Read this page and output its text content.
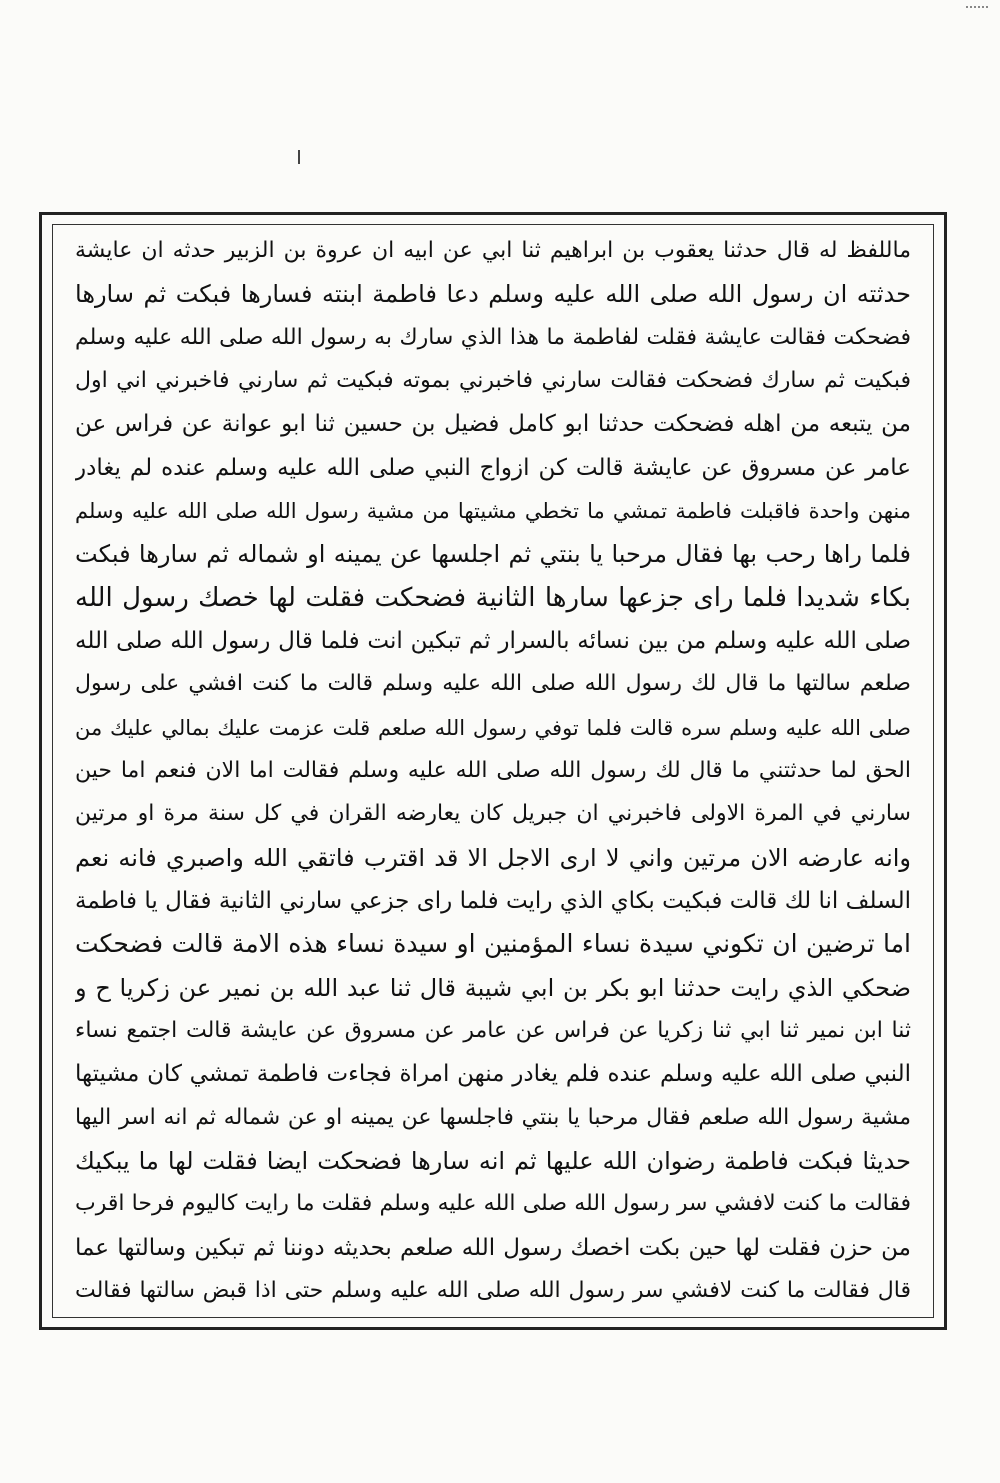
ماللفظ له قال حدثنا يعقوب بن ابراهيم ثنا ابي عن ابيه ان عروة بن الزبير حدثه ان عايشة
حدثته ان رسول الله صلى الله عليه وسلم دعا فاطمة ابنته فسارها فبكت ثم سارها
فضحكت فقالت عايشة فقلت لفاطمة ما هذا الذي سارك به رسول الله صلى الله عليه وسلم
فبكيت ثم سارك فضحكت فقالت سارني فاخبرني بموته فبكيت ثم سارني فاخبرني اني اول
من يتبعه من اهله فضحكت حدثنا ابو كامل فضيل بن حسين ثنا ابو عوانة عن فراس عن
عامر عن مسروق عن عايشة قالت كن ازواج النبي صلى الله عليه وسلم عنده لم يغادر
منهن واحدة فاقبلت فاطمة تمشي ما تخطي مشيتها من مشية رسول الله صلى الله عليه وسلم
فلما راها رحب بها فقال مرحبا يا بنتي ثم اجلسها عن يمينه او شماله ثم سارها فبكت
بكاء شديدا فلما راى جزعها سارها الثانية فضحكت فقلت لها خصك رسول الله
صلى الله عليه وسلم من بين نسائه بالسرار ثم تبكين انت فلما قال رسول الله صلى الله
صلعم سالتها ما قال لك رسول الله صلى الله عليه وسلم قالت ما كنت افشي على رسول
صلى الله عليه وسلم سره قالت فلما توفي رسول الله صلعم قلت عزمت عليك بمالي عليك من
الحق لما حدثتني ما قال لك رسول الله صلى الله عليه وسلم فقالت اما الان فنعم اما حين
سارني في المرة الاولى فاخبرني ان جبريل كان يعارضه القران في كل سنة مرة او مرتين
وانه عارضه الان مرتين واني لا ارى الاجل الا قد اقترب فاتقي الله واصبري فانه نعم
السلف انا لك قالت فبكيت بكاي الذي رايت فلما راى جزعي سارني الثانية فقال يا فاطمة
اما ترضين ان تكوني سيدة نساء المؤمنين او سيدة نساء هذه الامة قالت فضحكت
ضحكي الذي رايت حدثنا ابو بكر بن ابي شيبة قال ثنا عبد الله بن نمير عن زكريا ح و
ثنا ابن نمير ثنا ابي ثنا زكريا عن فراس عن عامر عن مسروق عن عايشة قالت اجتمع نساء
النبي صلى الله عليه وسلم عنده فلم يغادر منهن امراة فجاءت فاطمة تمشي كان مشيتها
مشية رسول الله صلعم فقال مرحبا يا بنتي فاجلسها عن يمينه او عن شماله ثم انه اسر اليها
حديثا فبكت فاطمة رضوان الله عليها ثم انه سارها فضحكت ايضا فقلت لها ما يبكيك
فقالت ما كنت لافشي سر رسول الله صلى الله عليه وسلم فقلت ما رايت كاليوم فرحا اقرب
من حزن فقلت لها حين بكت اخصك رسول الله صلعم بحديثه دوننا ثم تبكين وسالتها عما
قال فقالت ما كنت لافشي سر رسول الله صلى الله عليه وسلم حتى اذا قبض سالتها فقالت
